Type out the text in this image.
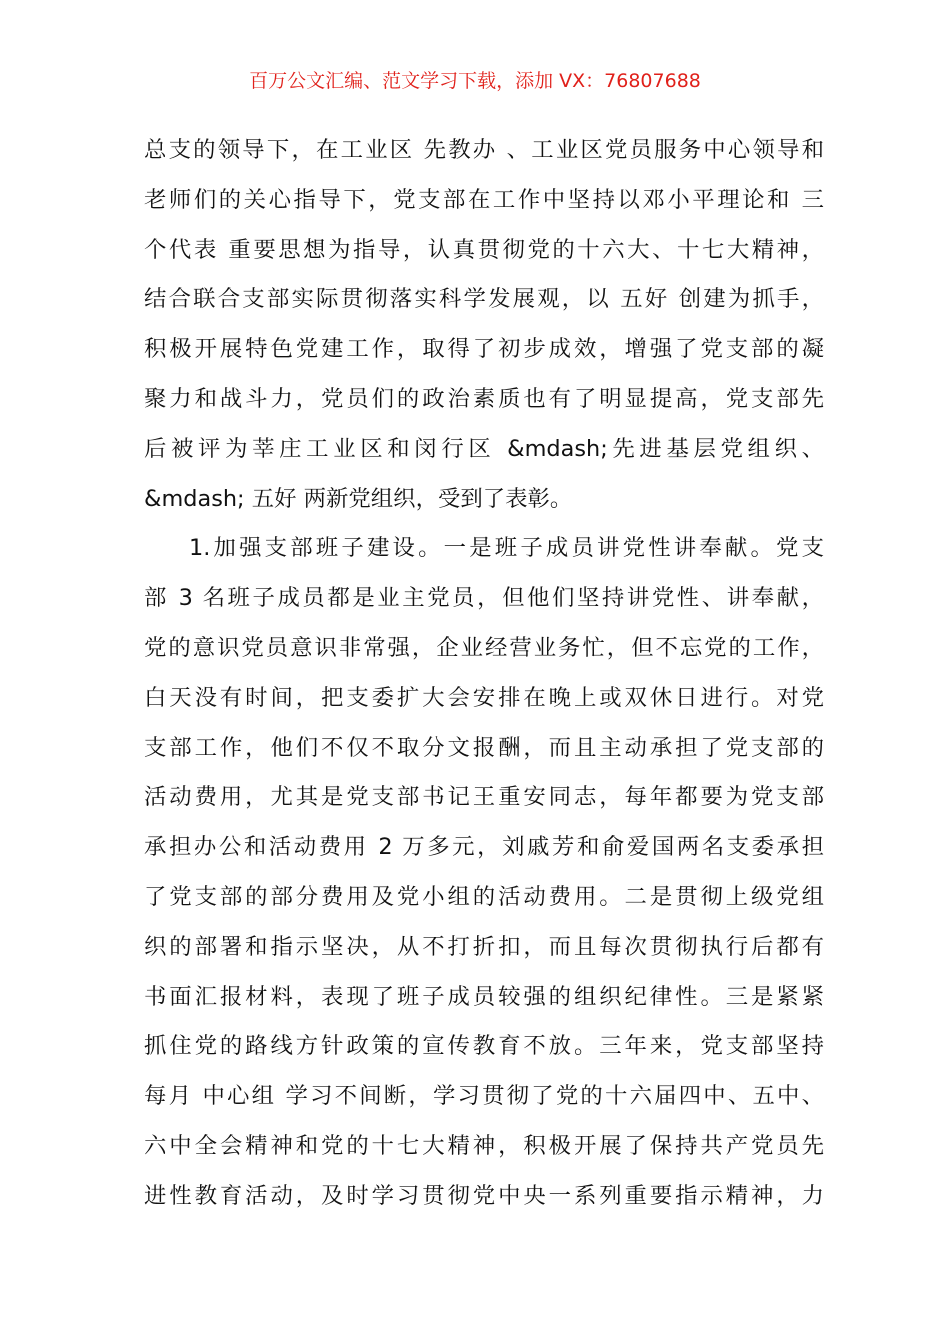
百万公文汇编、范文学习下载，添加 VX：76807688
总支的领导下，在工业区 先教办 、工业区党员服务中心领导和
老师们的关心指导下，党支部在工作中坚持以邓小平理论和 三
个代表 重要思想为指导，认真贯彻党的十六大、十七大精神，
结合联合支部实际贯彻落实科学发展观，以 五好 创建为抓手，
积极开展特色党建工作，取得了初步成效，增强了党支部的凝
聚力和战斗力，党员们的政治素质也有了明显提高，党支部先
后被评为莘庄工业区和闵行区 &mdash;先进基层党组织、
&mdash; 五好 两新党组织，受到了表彰。
1.加强支部班子建设。一是班子成员讲党性讲奉献。党支
部 3 名班子成员都是业主党员，但他们坚持讲党性、讲奉献，
党的意识党员意识非常强，企业经营业务忙，但不忘党的工作，
白天没有时间，把支委扩大会安排在晚上或双休日进行。对党
支部工作，他们不仅不取分文报酬，而且主动承担了党支部的
活动费用，尤其是党支部书记王重安同志，每年都要为党支部
承担办公和活动费用 2 万多元，刘戚芳和俞爱国两名支委承担
了党支部的部分费用及党小组的活动费用。二是贯彻上级党组
织的部署和指示坚决，从不打折扣，而且每次贯彻执行后都有
书面汇报材料，表现了班子成员较强的组织纪律性。三是紧紧
抓住党的路线方针政策的宣传教育不放。三年来，党支部坚持
每月 中心组 学习不间断，学习贯彻了党的十六届四中、五中、
六中全会精神和党的十七大精神，积极开展了保持共产党员先
进性教育活动，及时学习贯彻党中央一系列重要指示精神，力
